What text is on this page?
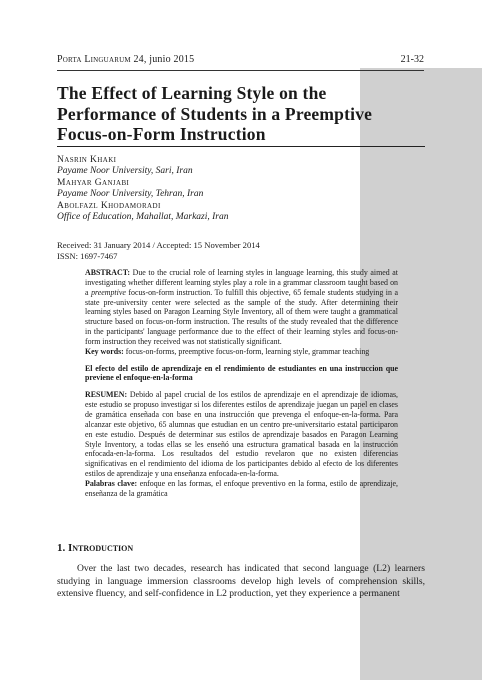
Porta Linguarum 24, junio 2015	21-32
The Effect of Learning Style on the Performance of Students in a Preemptive Focus-on-Form Instruction
Nasrin Khaki
Payame Noor University, Sari, Iran
Mahyar Ganjabi
Payame Noor University, Tehran, Iran
Abolfazl Khodamoradi
Office of Education, Mahallat, Markazi, Iran
Received: 31 January 2014 / Accepted: 15 November 2014
ISSN: 1697-7467

ABSTRACT: Due to the crucial role of learning styles in language learning, this study aimed at investigating whether different learning styles play a role in a grammar classroom taught based on a preemptive focus-on-form instruction. To fulfill this objective, 65 female students studying in a state pre-university center were selected as the sample of the study. After determining their learning styles based on Paragon Learning Style Inventory, all of them were taught a grammatical structure based on focus-on-form instruction. The results of the study revealed that the difference in the participants' language performance due to the effect of their learning styles and focus-on-form instruction they received was not statistically significant.

Key words: focus-on-forms, preemptive focus-on-form, learning style, grammar teaching

El efecto del estilo de aprendizaje en el rendimiento de estudiantes en una instruccion que previene el enfoque-en-la-forma

RESUMEN: Debido al papel crucial de los estilos de aprendizaje en el aprendizaje de idiomas, este estudio se propuso investigar si los diferentes estilos de aprendizaje juegan un papel en clases de gramática enseñada con base en una instrucción que prevenga el enfoque-en-la-forma. Para alcanzar este objetivo, 65 alumnas que estudian en un centro pre-universitario estatal participaron en este estudio. Después de determinar sus estilos de aprendizaje basados en Paragon Learning Style Inventory, a todas ellas se les enseñó una estructura gramatical basada en la instrucción enfocada-en-la-forma. Los resultados del estudio revelaron que no existen diferencias significativas en el rendimiento del idioma de los participantes debido al efecto de los diferentes estilos de aprendizaje y una enseñanza enfocada-en-la-forma.

Palabras clave: enfoque en las formas, el enfoque preventivo en la forma, estilo de aprendizaje, enseñanza de la gramática

1. Introduction

Over the last two decades, research has indicated that second language (L2) learners studying in language immersion classrooms develop high levels of comprehension skills, extensive fluency, and self-confidence in L2 production, yet they experience a permanent
